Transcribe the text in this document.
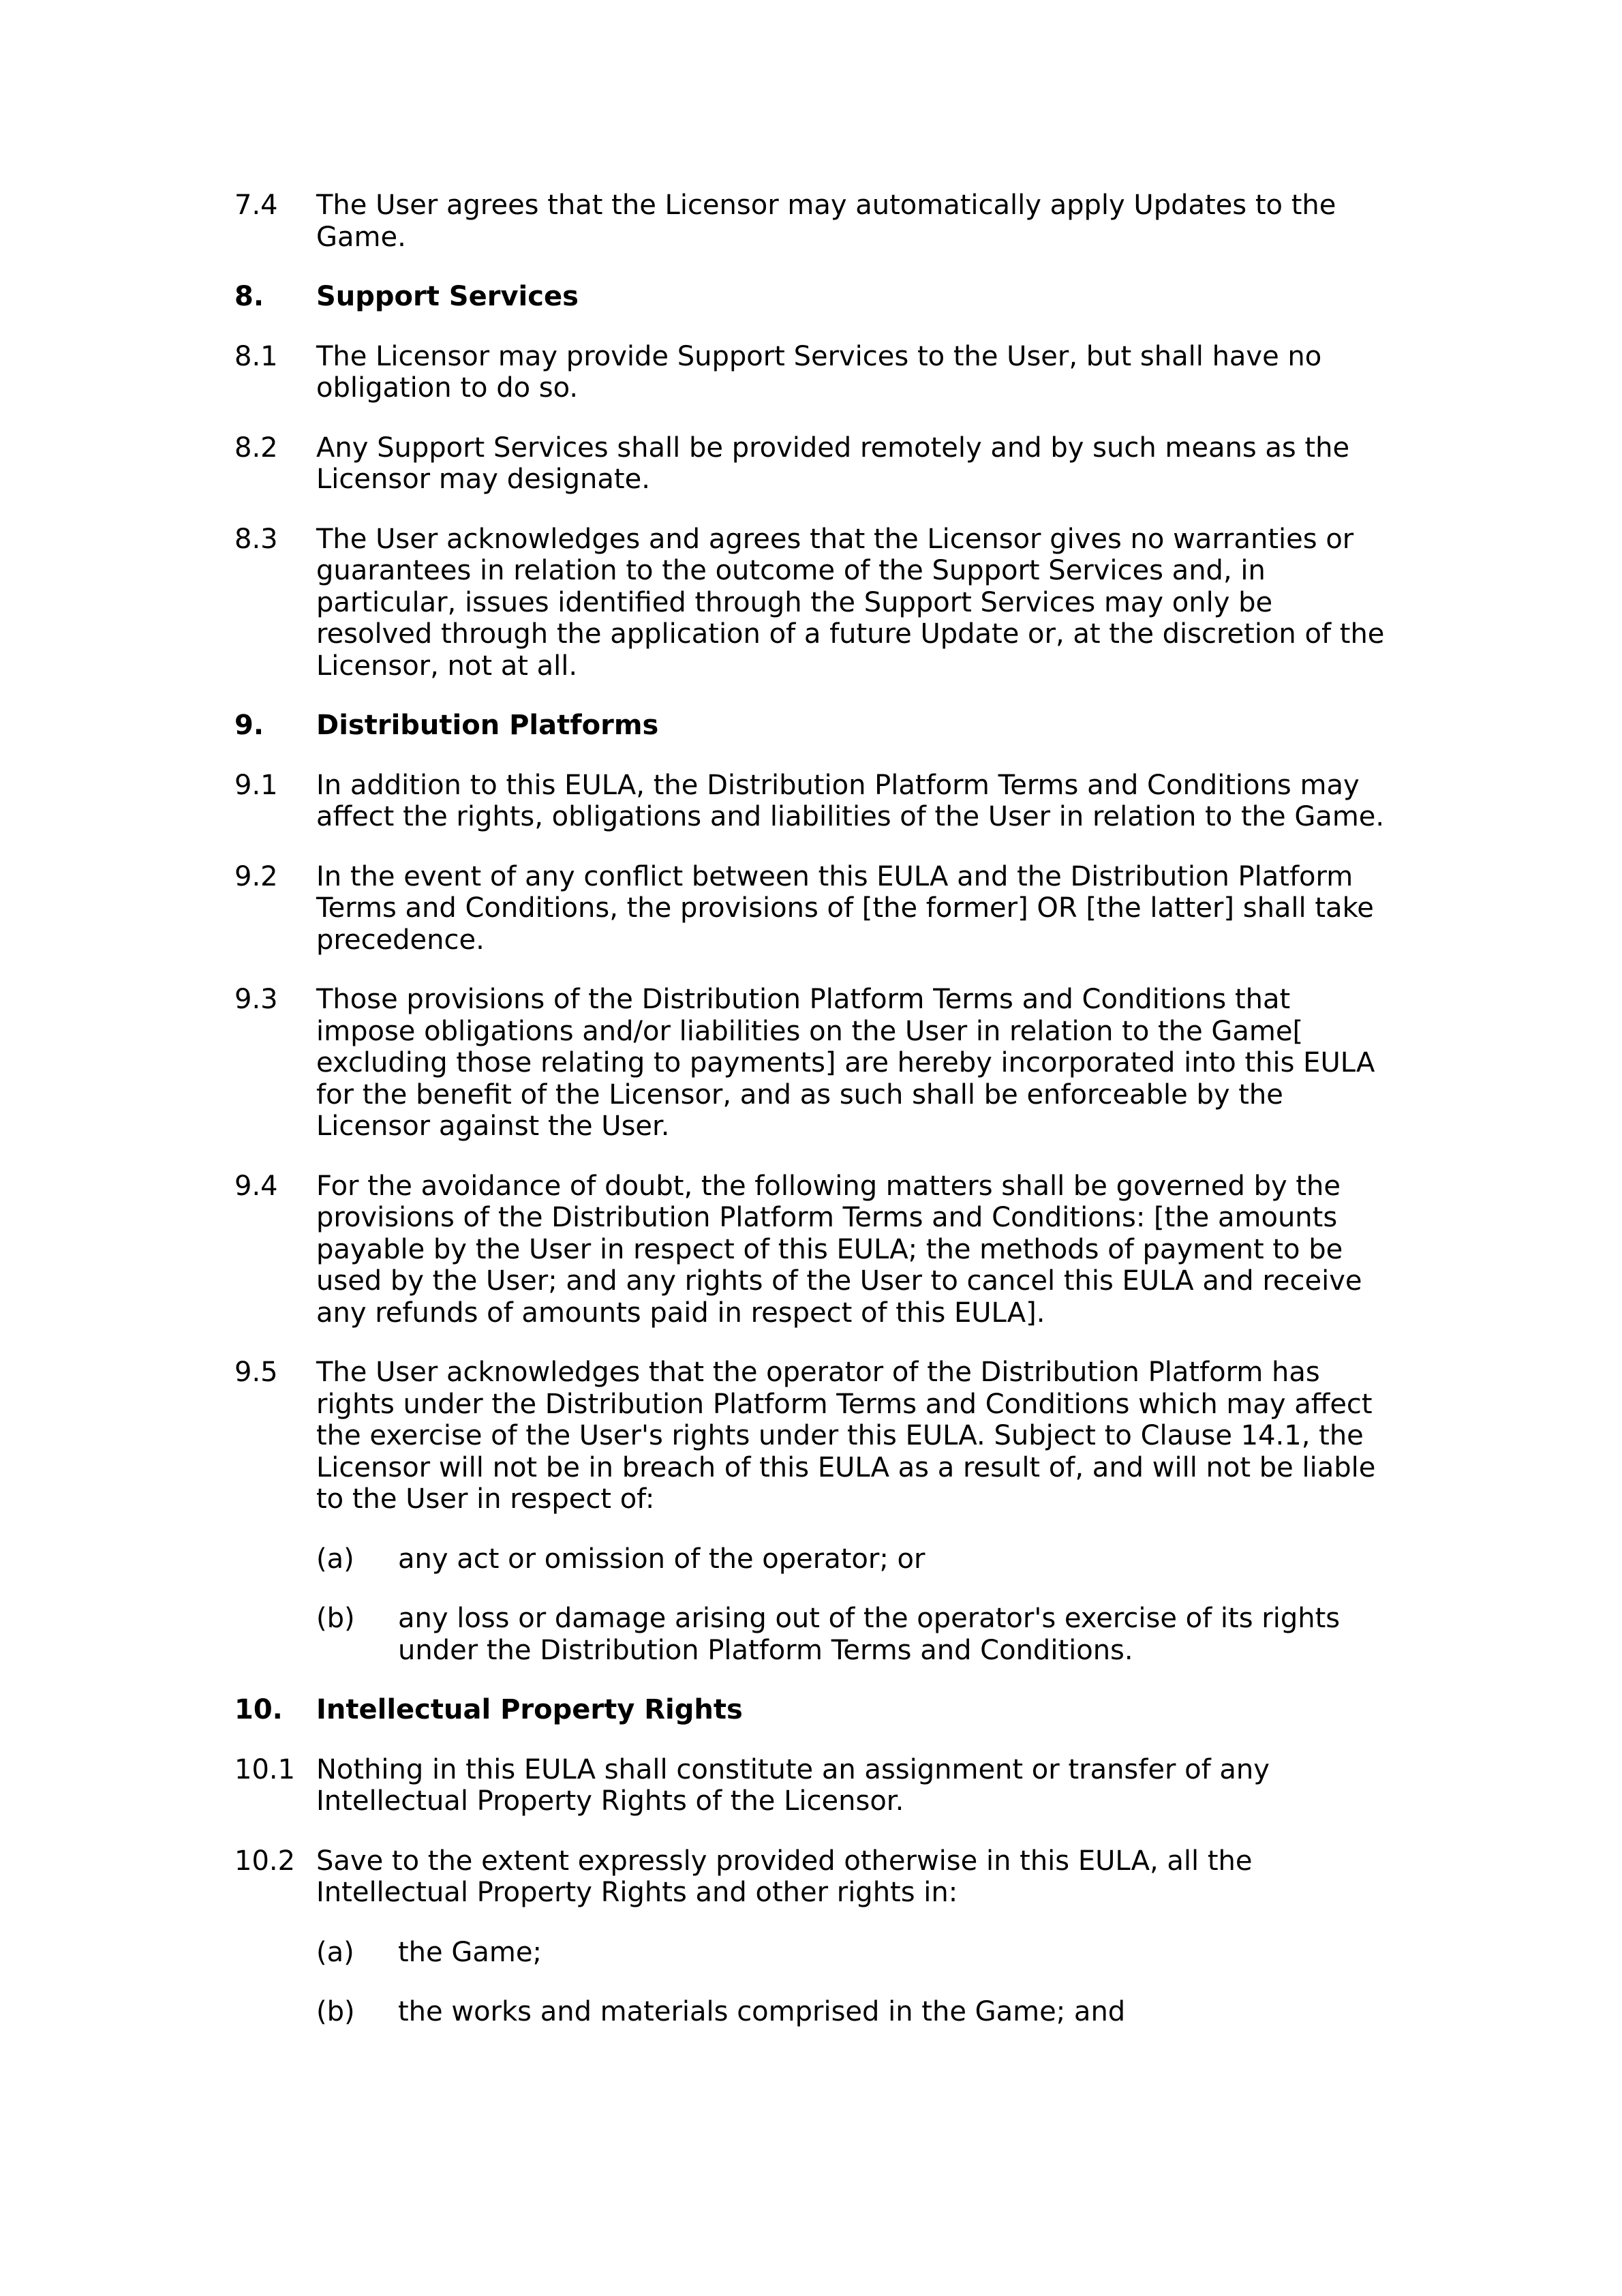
7.4 The User agrees that the Licensor may automatically apply Updates to the Game.
8. Support Services
8.1 The Licensor may provide Support Services to the User, but shall have no obligation to do so.
8.2 Any Support Services shall be provided remotely and by such means as the Licensor may designate.
8.3 The User acknowledges and agrees that the Licensor gives no warranties or guarantees in relation to the outcome of the Support Services and, in particular, issues identified through the Support Services may only be resolved through the application of a future Update or, at the discretion of the Licensor, not at all.
9. Distribution Platforms
9.1 In addition to this EULA, the Distribution Platform Terms and Conditions may affect the rights, obligations and liabilities of the User in relation to the Game.
9.2 In the event of any conflict between this EULA and the Distribution Platform Terms and Conditions, the provisions of [the former] OR [the latter] shall take precedence.
9.3 Those provisions of the Distribution Platform Terms and Conditions that impose obligations and/or liabilities on the User in relation to the Game[ excluding those relating to payments] are hereby incorporated into this EULA for the benefit of the Licensor, and as such shall be enforceable by the Licensor against the User.
9.4 For the avoidance of doubt, the following matters shall be governed by the provisions of the Distribution Platform Terms and Conditions: [the amounts payable by the User in respect of this EULA; the methods of payment to be used by the User; and any rights of the User to cancel this EULA and receive any refunds of amounts paid in respect of this EULA].
9.5 The User acknowledges that the operator of the Distribution Platform has rights under the Distribution Platform Terms and Conditions which may affect the exercise of the User's rights under this EULA. Subject to Clause 14.1, the Licensor will not be in breach of this EULA as a result of, and will not be liable to the User in respect of:
(a) any act or omission of the operator; or
(b) any loss or damage arising out of the operator's exercise of its rights under the Distribution Platform Terms and Conditions.
10. Intellectual Property Rights
10.1 Nothing in this EULA shall constitute an assignment or transfer of any Intellectual Property Rights of the Licensor.
10.2 Save to the extent expressly provided otherwise in this EULA, all the Intellectual Property Rights and other rights in:
(a) the Game;
(b) the works and materials comprised in the Game; and
